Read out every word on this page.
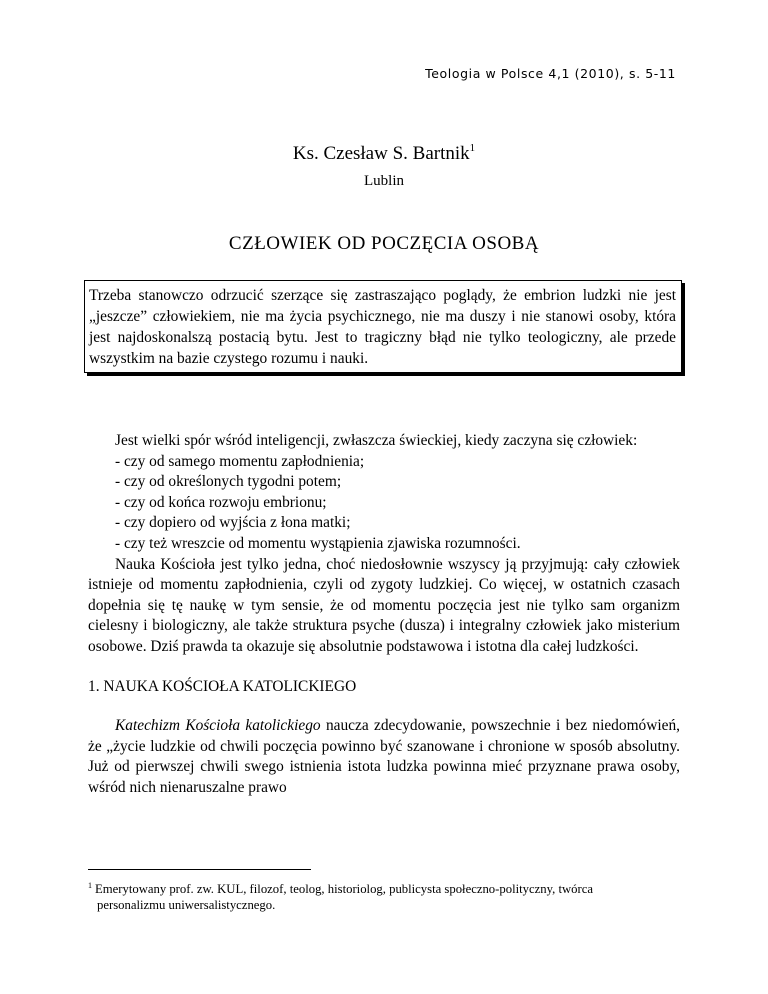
Teologia w Polsce 4,1 (2010), s. 5-11
Ks. Czesław S. Bartnik$^1$
Lublin
CZŁOWIEK OD POCZĘCIA OSOBĄ

Trzeba stanowczo odrzucić szerzące się zastraszająco poglądy, że embrion ludzki nie jest „jeszcze” człowiekiem, nie ma życia psychicznego, nie ma duszy i nie stanowi osoby, która jest najdoskonalszą postacią bytu. Jest to tragiczny błąd nie tylko teologiczny, ale przede wszystkim na bazie czystego rozumu i nauki.

Jest wielki spór wśród inteligencji, zwłaszcza świeckiej, kiedy zaczyna się człowiek:

- czy od samego momentu zapłodnienia;
- czy od określonych tygodni potem;
- czy od końca rozwoju embrionu;
- czy dopiero od wyjścia z łona matki;
- czy też wreszcie od momentu wystąpienia zjawiska rozumności.

Nauka Kościoła jest tylko jedna, choć niedosłownie wszyscy ją przyjmują: cały człowiek istnieje od momentu zapłodnienia, czyli od zygoty ludzkiej. Co więcej, w ostatnich czasach dopełnia się tę naukę w tym sensie, że od momentu poczęcia jest nie tylko sam organizm cielesny i biologiczny, ale także struktura psyche (dusza) i integralny człowiek jako misterium osobowe. Dziś prawda ta okazuje się absolutnie podstawowa i istotna dla całej ludzkości.

1. NAUKA KOŚCIOŁA KATOLICKIEGO

Katechizm Kościoła katolickiego naucza zdecydowanie, powszechnie i bez niedomówień, że „życie ludzkie od chwili poczęcia powinno być szanowane i chronione w sposób absolutny. Już od pierwszej chwili swego istnienia istota ludzka powinna mieć przyznane prawa osoby, wśród nich nienaruszalne prawo

$^1$ Emerytowany prof. zw. KUL, filozof, teolog, historiolog, publicysta społeczno-polityczny, twórca
personalizmu uniwersalistycznego.
